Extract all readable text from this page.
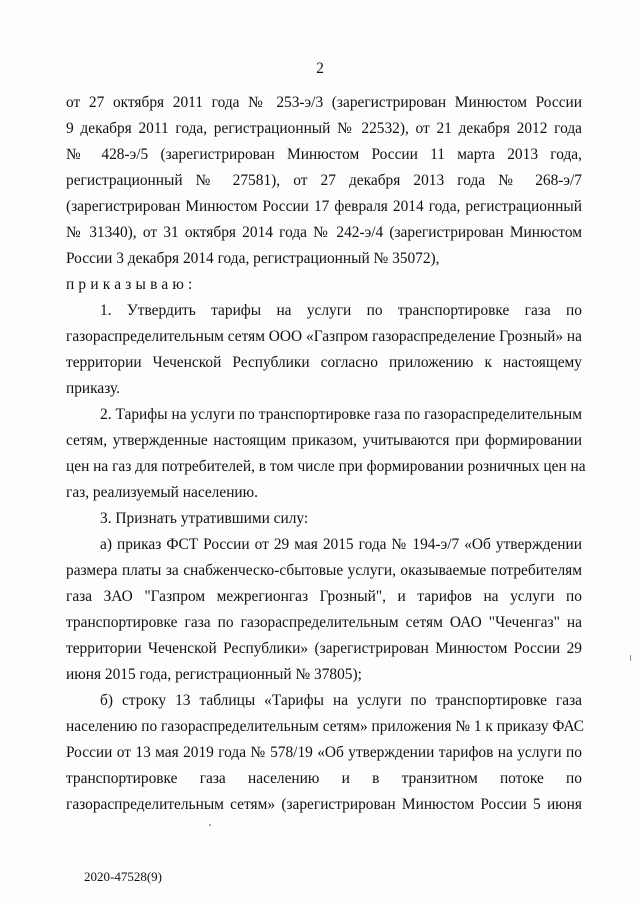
2
от 27 октября 2011 года № 253-э/3 (зарегистрирован Минюстом России
9 декабря 2011 года, регистрационный № 22532), от 21 декабря 2012 года
№ 428-э/5 (зарегистрирован Минюстом России 11 марта 2013 года,
регистрационный № 27581), от 27 декабря 2013 года № 268-э/7
(зарегистрирован Минюстом России 17 февраля 2014 года, регистрационный
№ 31340), от 31 октября 2014 года № 242-э/4 (зарегистрирован Минюстом
России 3 декабря 2014 года, регистрационный № 35072),
приказываю:
1. Утвердить тарифы на услуги по транспортировке газа по
газораспределительным сетям ООО «Газпром газораспределение Грозный» на
территории Чеченской Республики согласно приложению к настоящему
приказу.
2. Тарифы на услуги по транспортировке газа по газораспределительным
сетям, утвержденные настоящим приказом, учитываются при формировании
цен на газ для потребителей, в том числе при формировании розничных цен на
газ, реализуемый населению.
3. Признать утратившими силу:
а) приказ ФСТ России от 29 мая 2015 года № 194-э/7 «Об утверждении
размера платы за снабженческо-сбытовые услуги, оказываемые потребителям
газа ЗАО "Газпром межрегионгаз Грозный", и тарифов на услуги по
транспортировке газа по газораспределительным сетям ОАО "Чеченгаз" на
территории Чеченской Республики» (зарегистрирован Минюстом России 29
июня 2015 года, регистрационный № 37805);
б) строку 13 таблицы «Тарифы на услуги по транспортировке газа
населению по газораспределительным сетям» приложения № 1 к приказу ФАС
России от 13 мая 2019 года № 578/19 «Об утверждении тарифов на услуги по
транспортировке газа населению и в транзитном потоке по
газораспределительным сетям» (зарегистрирован Минюстом России 5 июня
2020-47528(9)
